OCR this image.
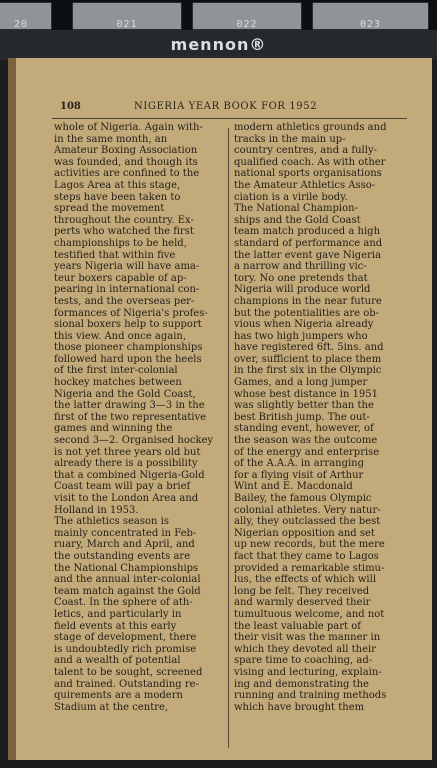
20	021	022	023
mennon®
108	NIGERIA YEAR BOOK FOR 1952
whole of Nigeria. Again with-
in the same month, an
Amateur Boxing Association
was founded, and though its
activities are confined to the
Lagos Area at this stage,
steps have been taken to
spread the movement
throughout the country. Ex-
perts who watched the first
championships to be held,
testified that within five
years Nigeria will have ama-
teur boxers capable of ap-
pearing in international con-
tests, and the overseas per-
formances of Nigeria's profes-
sional boxers help to support
this view. And once again,
those pioneer championships
followed hard upon the heels
of the first inter-colonial
hockey matches between
Nigeria and the Gold Coast,
the latter drawing 3—3 in the
first of the two representative
games and winning the
second 3—2. Organised hockey
is not yet three years old but
already there is a possibility
that a combined Nigeria-Gold
Coast team will pay a brief
visit to the London Area and
Holland in 1953.
The athletics season is
mainly concentrated in Feb-
ruary, March and April, and
the outstanding events are
the National Championships
and the annual inter-colonial
team match against the Gold
Coast. In the sphere of ath-
letics, and particularly in
field events at this early
stage of development, there
is undoubtedly rich promise
and a wealth of potential
talent to be sought, screened
and trained. Outstanding re-
quirements are a modern
Stadium at the centre,
modern athletics grounds and
tracks in the main up-
country centres, and a fully-
qualified coach. As with other
national sports organisations
the Amateur Athletics Asso-
ciation is a virile body.
The National Champion-
ships and the Gold Coast
team match produced a high
standard of performance and
the latter event gave Nigeria
a narrow and thrilling vic-
tory. No one pretends that
Nigeria will produce world
champions in the near future
but the potentialities are ob-
vious when Nigeria already
has two high jumpers who
have registered 6ft. 5ins. and
over, sufficient to place them
in the first six in the Olympic
Games, and a long jumper
whose best distance in 1951
was slightly better than the
best British jump. The out-
standing event, however, of
the season was the outcome
of the energy and enterprise
of the A.A.A. in arranging
for a flying visit of Arthur
Wint and E. Macdonald
Bailey, the famous Olympic
colonial athletes. Very natur-
ally, they outclassed the best
Nigerian opposition and set
up new records, but the mere
fact that they came to Lagos
provided a remarkable stimu-
lus, the effects of which will
long be felt. They received
and warmly deserved their
tumultuous welcome, and not
the least valuable part of
their visit was the manner in
which they devoted all their
spare time to coaching, ad-
vising and lecturing, explain-
ing and demonstrating the
running and training methods
which have brought them
